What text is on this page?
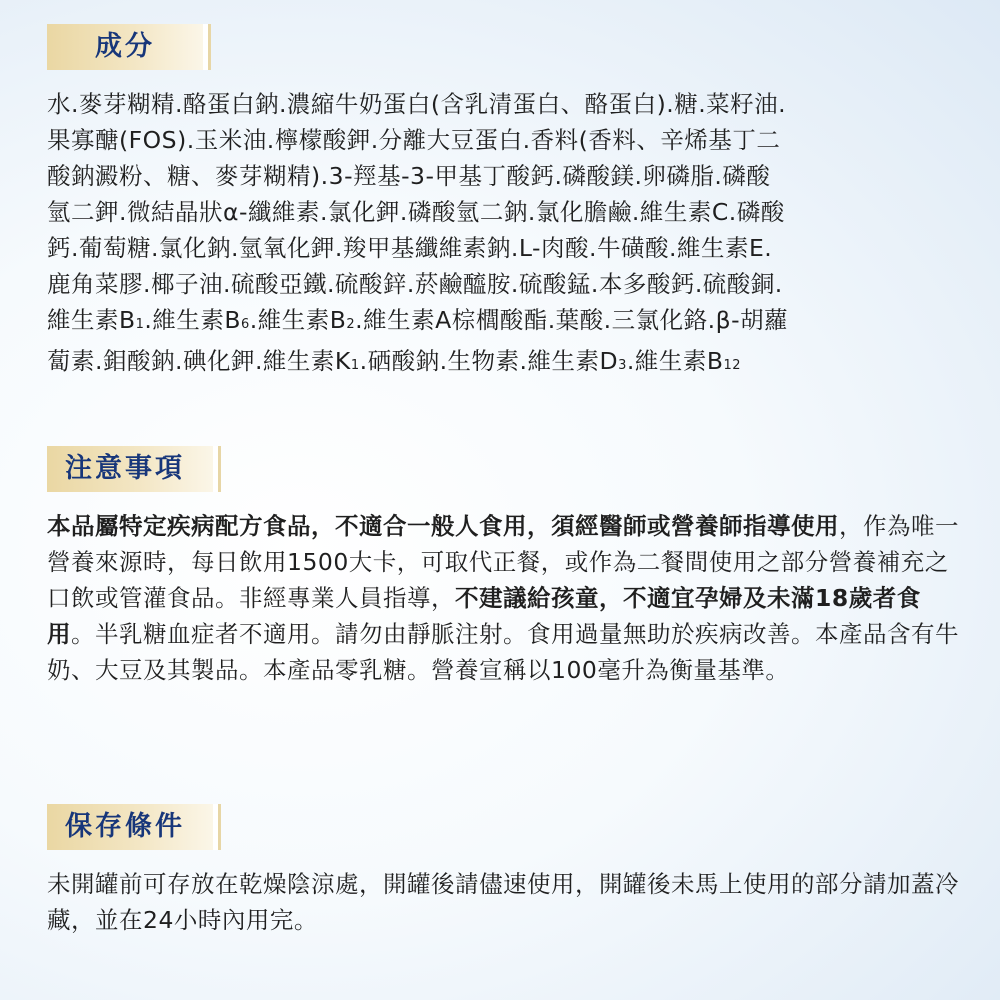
成分
水.麥芽糊精.酪蛋白鈉.濃縮牛奶蛋白(含乳清蛋白、酪蛋白).糖.菜籽油.
果寡醣(FOS).玉米油.檸檬酸鉀.分離大豆蛋白.香料(香料、辛烯基丁二
酸鈉澱粉、糖、麥芽糊精).3-羥基-3-甲基丁酸鈣.磷酸鎂.卵磷脂.磷酸
氫二鉀.微結晶狀α-纖維素.氯化鉀.磷酸氫二鈉.氯化膽鹼.維生素C.磷酸
鈣.葡萄糖.氯化鈉.氫氧化鉀.羧甲基纖維素鈉.L-肉酸.牛磺酸.維生素E.
鹿角菜膠.椰子油.硫酸亞鐵.硫酸鋅.菸鹼醯胺.硫酸錳.本多酸鈣.硫酸銅.
維生素B1.維生素B6.維生素B2.維生素A棕櫚酸酯.葉酸.三氯化鉻.β-胡蘿
蔔素.鉬酸鈉.碘化鉀.維生素K1.硒酸鈉.生物素.維生素D3.維生素B12
注意事項
本品屬特定疾病配方食品，不適合一般人食用，須經醫師或營養師指導使用，作為唯一營養來源時，每日飲用1500大卡，可取代正餐，或作為二餐間使用之部分營養補充之口飲或管灌食品。非經專業人員指導，不建議給孩童，不適宜孕婦及未滿18歲者食用。半乳糖血症者不適用。請勿由靜脈注射。食用過量無助於疾病改善。本產品含有牛奶、大豆及其製品。本產品零乳糖。營養宣稱以100毫升為衡量基準。
保存條件
未開罐前可存放在乾燥陰涼處，開罐後請儘速使用，開罐後未馬上使用的部分請加蓋冷藏，並在24小時內用完。
